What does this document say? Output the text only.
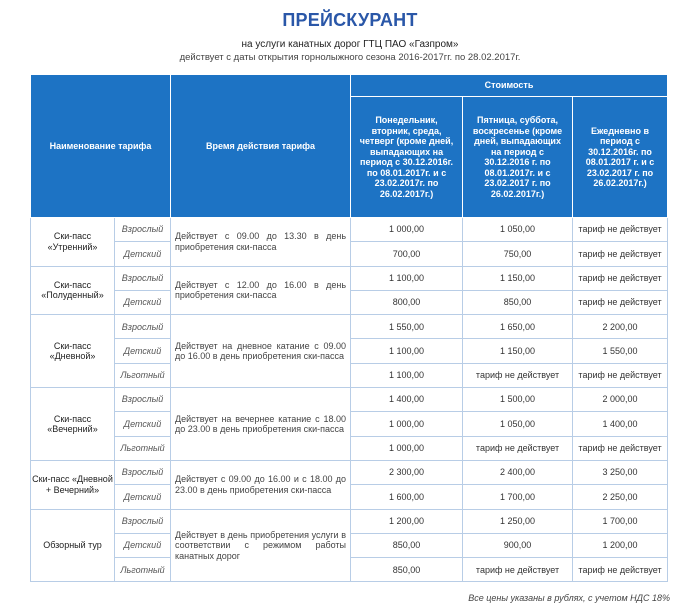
ПРЕЙСКУРАНТ
на услуги канатных дорог ГТЦ ПАО «Газпром»
действует с даты открытия горнолыжного сезона 2016-2017гг. по 28.02.2017г.
Наименование тарифа		Время действия тарифа	Стоимость		
			Понедельник, вторник, среда, четверг (кроме дней, выпадающих на период с 30.12.2016г. по 08.01.2017г. и с 23.02.2017г. по 26.02.2017г.)	Пятница, суббота, воскресенье (кроме дней, выпадающих на период с 30.12.2016 г. по 08.01.2017г. и с 23.02.2017 г. по 26.02.2017г.)	Ежедневно в период с 30.12.2016г. по 08.01.2017 г. и с 23.02.2017 г. по 26.02.2017г.)
Ски-пасс «Утренний»	Взрослый	Действует с 09.00 до 13.30 в день приобретения ски-пасса	1 000,00	1 050,00	тариф не действует
	Детский		700,00	750,00	тариф не действует
Ски-пасс «Полуденный»	Взрослый	Действует с 12.00 до 16.00 в день приобретения ски-пасса	1 100,00	1 150,00	тариф не действует
	Детский		800,00	850,00	тариф не действует
Ски-пасс «Дневной»	Взрослый	Действует на дневное катание с 09.00 до 16.00 в день приобретения ски-пасса	1 550,00	1 650,00	2 200,00
	Детский		1 100,00	1 150,00	1 550,00
	Льготный		1 100,00	тариф не действует	тариф не действует
Ски-пасс «Вечерний»	Взрослый	Действует на вечернее катание с 18.00 до 23.00 в день приобретения ски-пасса	1 400,00	1 500,00	2 000,00
	Детский		1 000,00	1 050,00	1 400,00
	Льготный		1 000,00	тариф не действует	тариф не действует
Ски-пасс «Дневной + Вечерний»	Взрослый	Действует с 09.00 до 16.00 и с 18.00 до 23.00 в день приобретения ски-пасса	2 300,00	2 400,00	3 250,00
	Детский		1 600,00	1 700,00	2 250,00
Обзорный тур	Взрослый	Действует в день приобретения услуги в соответствии с режимом работы канатных дорог	1 200,00	1 250,00	1 700,00
	Детский		850,00	900,00	1 200,00
	Льготный		850,00	тариф не действует	тариф не действует
Все цены указаны в рублях, с учетом НДС 18%
